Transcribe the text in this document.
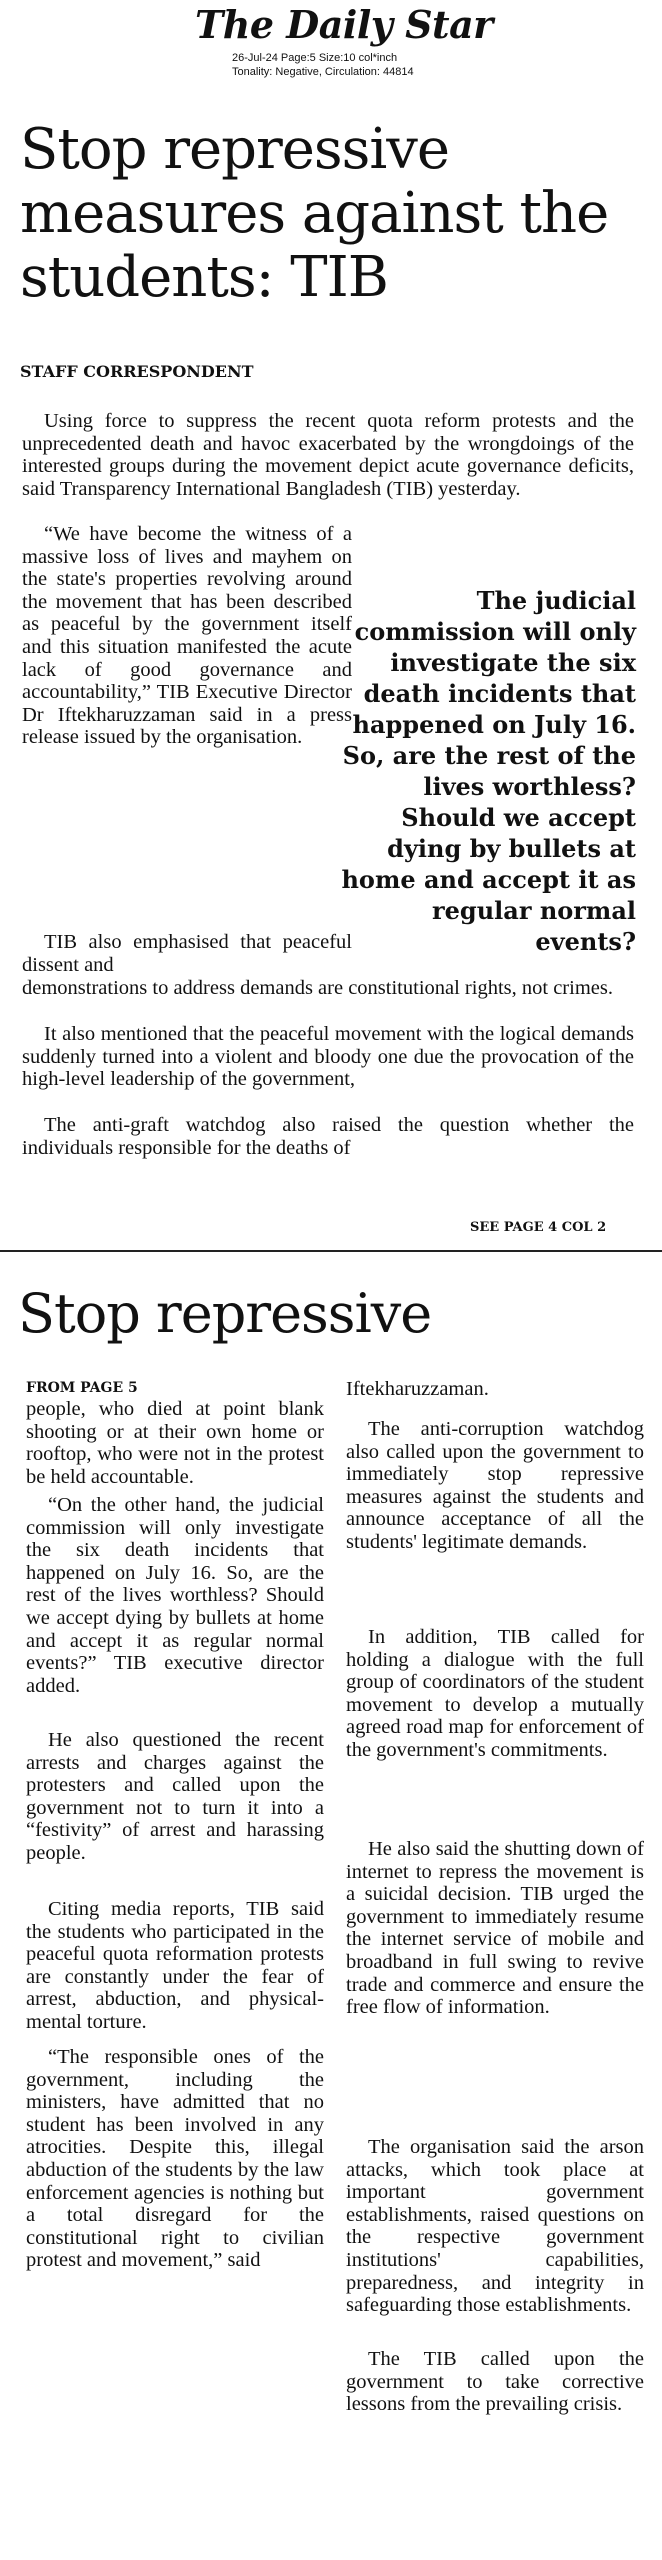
The Daily Star
26-Jul-24 Page:5 Size:10 col*inch
Tonality: Negative, Circulation: 44814
Stop repressive measures against the students: TIB
STAFF CORRESPONDENT

Using force to suppress the recent quota reform protests and the unprecedented death and havoc exacerbated by the wrongdoings of the interested groups during the movement depict acute governance deficits, said Transparency International Bangladesh (TIB) yesterday.

“We have become the witness of a massive loss of lives and mayhem on the state's properties revolving around the movement that has been described as peaceful by the government itself and this situation manifested the acute lack of good governance and accountability,” TIB Executive Director Dr Iftekharuzzaman said in a press release issued by the organisation.

TIB also emphasised that peaceful dissent and

The judicial commission will only investigate the six death incidents that happened on July 16. So, are the rest of the lives worthless? Should we accept dying by bullets at home and accept it as regular normal events?

demonstrations to address demands are constitutional rights, not crimes.

It also mentioned that the peaceful movement with the logical demands suddenly turned into a violent and bloody one due the provocation of the high-level leadership of the government,

The anti-graft watchdog also raised the question whether the individuals responsible for the deaths of

SEE PAGE 4 COL 2
Stop repressive
FROM PAGE 5

people, who died at point blank shooting or at their own home or rooftop, who were not in the protest be held accountable.

“On the other hand, the judicial commission will only investigate the six death incidents that happened on July 16. So, are the rest of the lives worthless? Should we accept dying by bullets at home and accept it as regular normal events?” TIB executive director added.

He also questioned the recent arrests and charges against the protesters and called upon the government not to turn it into a “festivity” of arrest and harassing people.

Citing media reports, TIB said the students who participated in the peaceful quota reformation protests are constantly under the fear of arrest, abduction, and physical-mental torture.

“The responsible ones of the government, including the ministers, have admitted that no student has been involved in any atrocities. Despite this, illegal abduction of the students by the law enforcement agencies is nothing but a total disregard for the constitutional right to civilian protest and movement,” said

Iftekharuzzaman.

The anti-corruption watchdog also called upon the government to immediately stop repressive measures against the students and announce acceptance of all the students' legitimate demands.

In addition, TIB called for holding a dialogue with the full group of coordinators of the student movement to develop a mutually agreed road map for enforcement of the government's commitments.

He also said the shutting down of internet to repress the movement is a suicidal decision. TIB urged the government to immediately resume the internet service of mobile and broadband in full swing to revive trade and commerce and ensure the free flow of information.

The organisation said the arson attacks, which took place at important government establishments, raised questions on the respective government institutions' capabilities, preparedness, and integrity in safeguarding those establishments.

The TIB called upon the government to take corrective lessons from the prevailing crisis.
